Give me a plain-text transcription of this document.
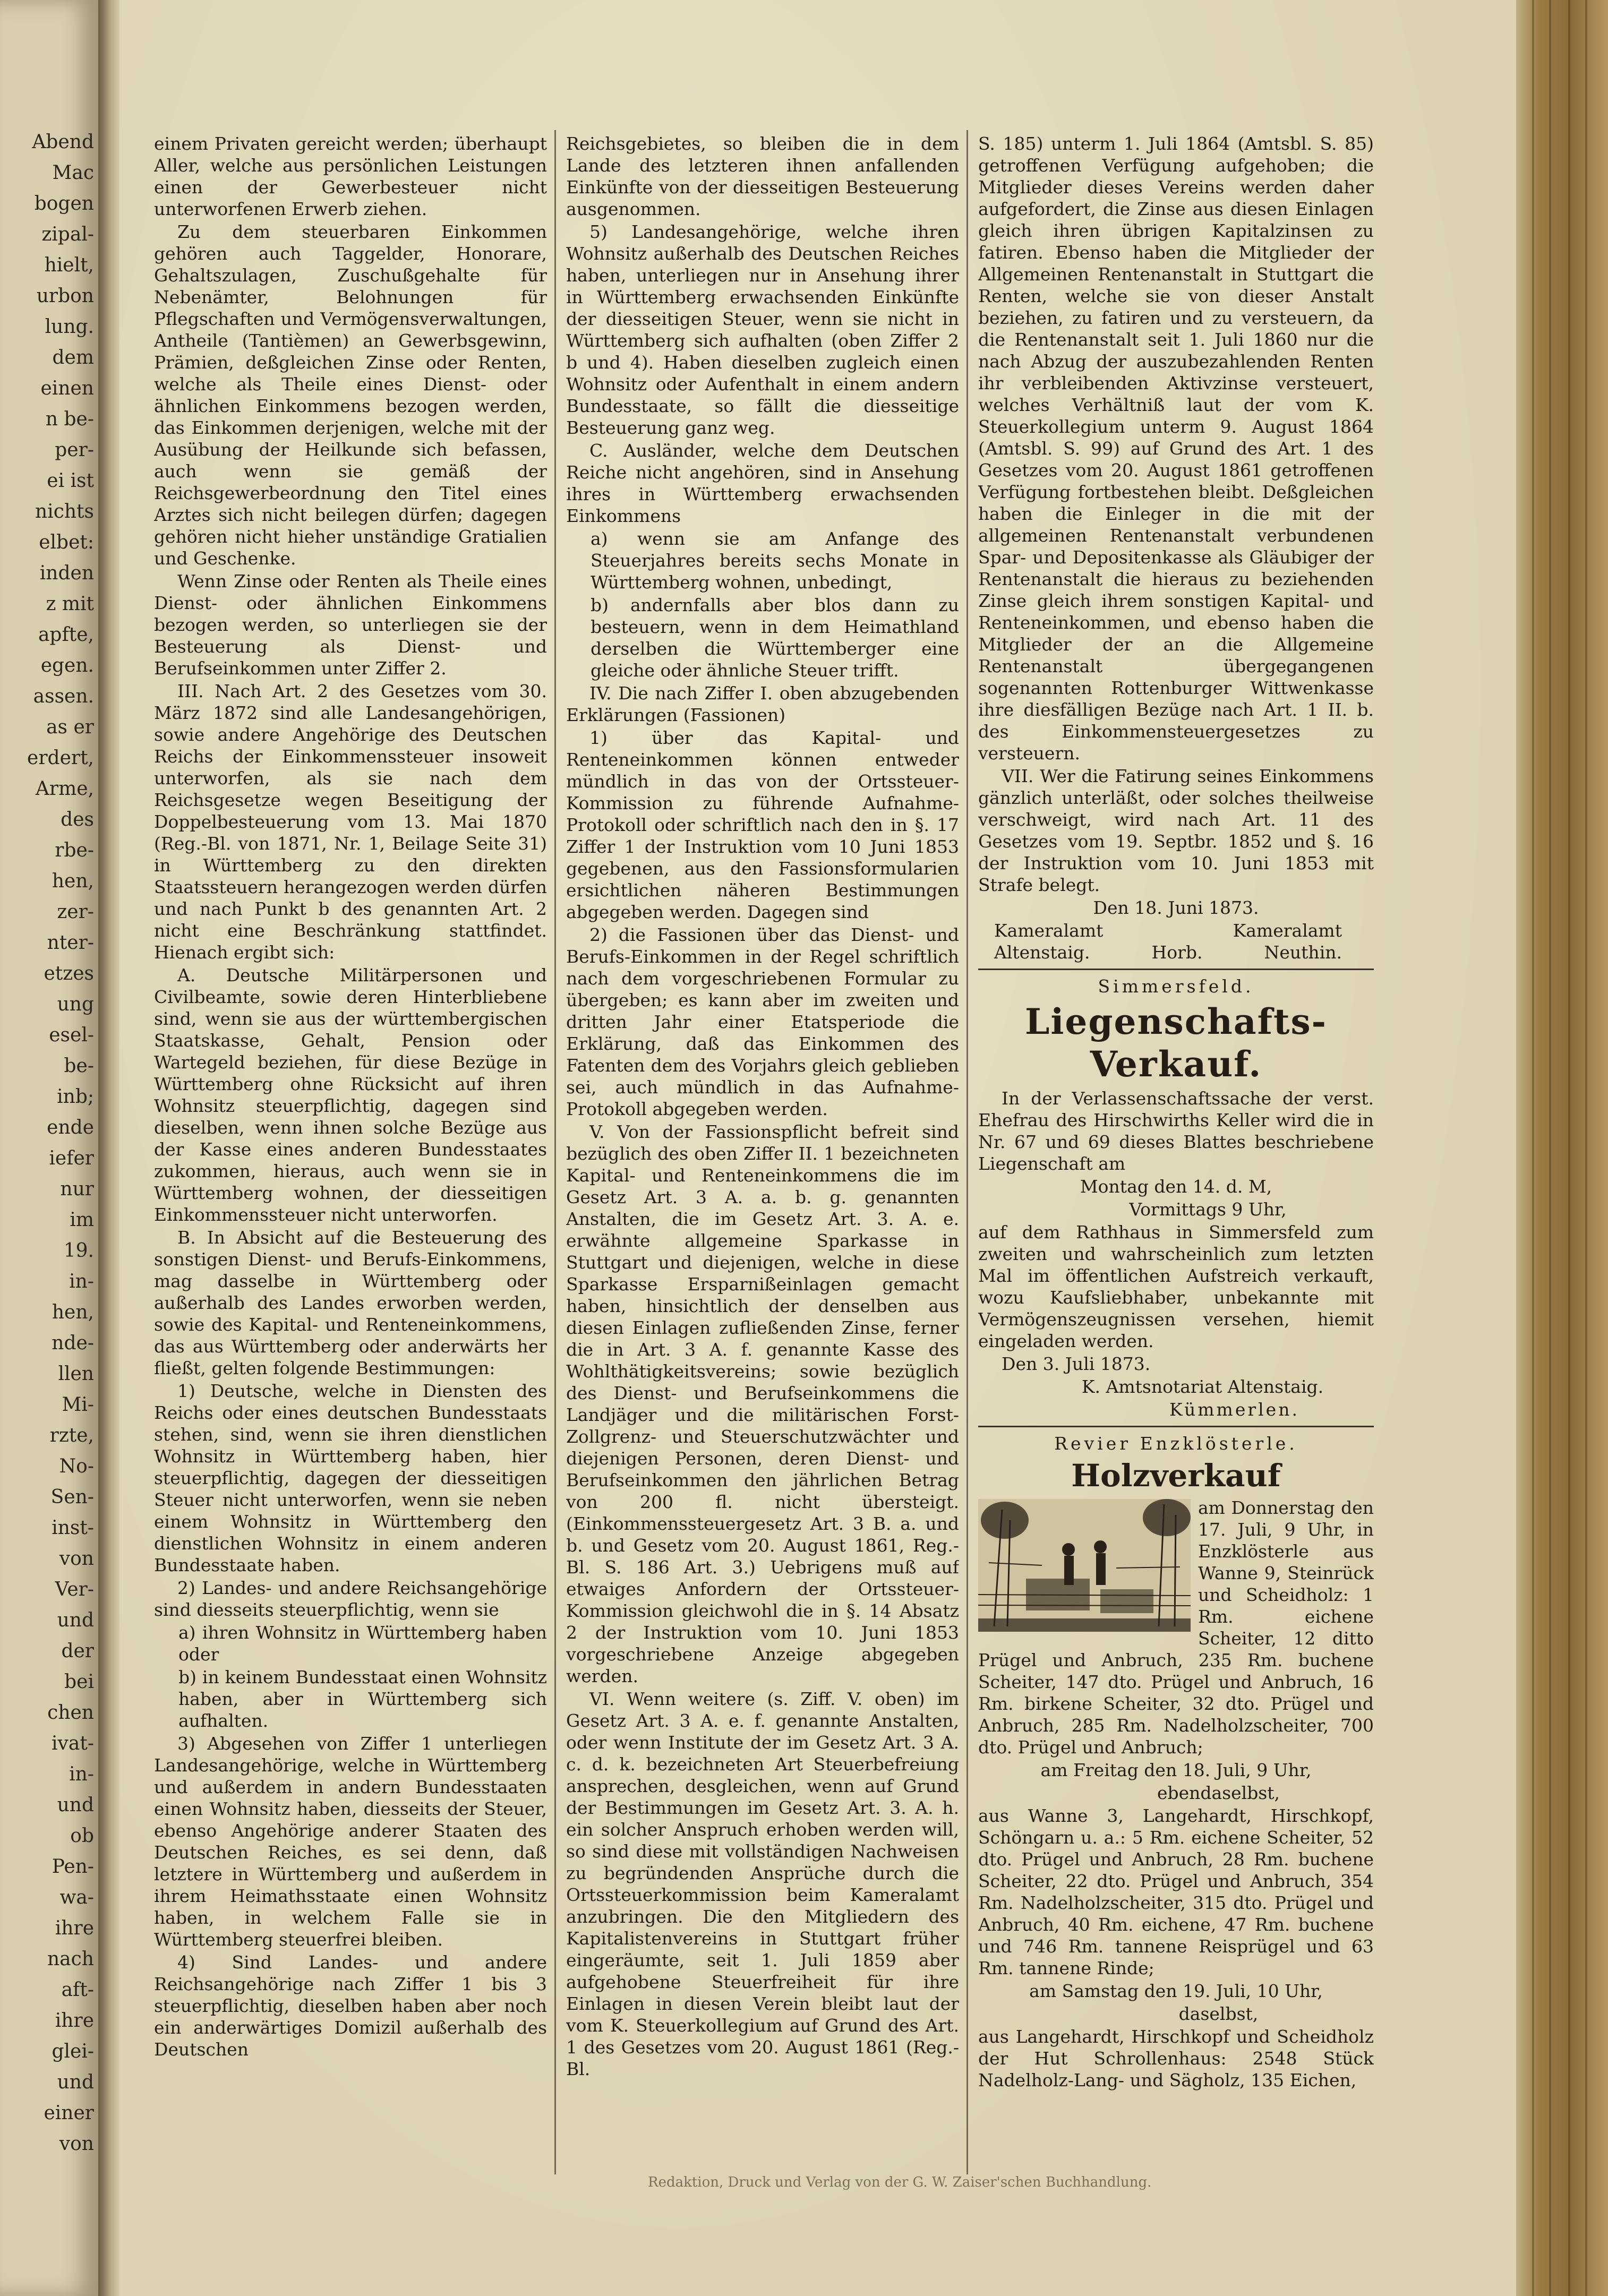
Abend
Mac
bogen
zipal-
hielt,
urbon
lung.
dem
einen
n be-
per-
ei ist
nichts
elbet:
inden
z mit
apfte,
egen.
assen.
as er
erdert,
Arme,
des
rbe-
hen,
zer-
nter-
etzes
ung
esel-
be-
inb;
ende
iefer
nur
im
19.
in-
hen,
nde-
llen
Mi-
rzte,
No-
Sen-
inst-
von
Ver-
und
der
bei
chen
ivat-
in-
und
ob
Pen-
wa-
ihre
nach
aft-
ihre
glei-
und
einer
von

einem Privaten gereicht werden; überhaupt Aller, welche aus persönlichen Leistungen einen der Gewerbesteuer nicht unterworfenen Erwerb ziehen.

Zu dem steuerbaren Einkommen gehören auch Taggelder, Honorare, Gehaltszulagen, Zuschußgehalte für Nebenämter, Belohnungen für Pflegschaften und Vermögensverwaltungen, Antheile (Tantièmen) an Gewerbsgewinn, Prämien, deßgleichen Zinse oder Renten, welche als Theile eines Dienst- oder ähnlichen Einkommens bezogen werden, das Einkommen derjenigen, welche mit der Ausübung der Heilkunde sich befassen, auch wenn sie gemäß der Reichsgewerbeordnung den Titel eines Arztes sich nicht beilegen dürfen; dagegen gehören nicht hieher unständige Gratialien und Geschenke.

Wenn Zinse oder Renten als Theile eines Dienst- oder ähnlichen Einkommens bezogen werden, so unterliegen sie der Besteuerung als Dienst- und Berufseinkommen unter Ziffer 2.

III. Nach Art. 2 des Gesetzes vom 30. März 1872 sind alle Landesangehörigen, sowie andere Angehörige des Deutschen Reichs der Einkommenssteuer insoweit unterworfen, als sie nach dem Reichsgesetze wegen Beseitigung der Doppelbesteuerung vom 13. Mai 1870 (Reg.-Bl. von 1871, Nr. 1, Beilage Seite 31) in Württemberg zu den direkten Staatssteuern herangezogen werden dürfen und nach Punkt b des genannten Art. 2 nicht eine Beschränkung stattfindet. Hienach ergibt sich:

A. Deutsche Militärpersonen und Civilbeamte, sowie deren Hinterbliebene sind, wenn sie aus der württembergischen Staatskasse, Gehalt, Pension oder Wartegeld beziehen, für diese Bezüge in Württemberg ohne Rücksicht auf ihren Wohnsitz steuerpflichtig, dagegen sind dieselben, wenn ihnen solche Bezüge aus der Kasse eines anderen Bundesstaates zukommen, hieraus, auch wenn sie in Württemberg wohnen, der diesseitigen Einkommenssteuer nicht unterworfen.

B. In Absicht auf die Besteuerung des sonstigen Dienst- und Berufs-Einkommens, mag dasselbe in Württemberg oder außerhalb des Landes erworben werden, sowie des Kapital- und Renteneinkommens, das aus Württemberg oder anderwärts her fließt, gelten folgende Bestimmungen:

1) Deutsche, welche in Diensten des Reichs oder eines deutschen Bundesstaats stehen, sind, wenn sie ihren dienstlichen Wohnsitz in Württemberg haben, hier steuerpflichtig, dagegen der diesseitigen Steuer nicht unterworfen, wenn sie neben einem Wohnsitz in Württemberg den dienstlichen Wohnsitz in einem anderen Bundesstaate haben.

2) Landes- und andere Reichsangehörige sind diesseits steuerpflichtig, wenn sie

a) ihren Wohnsitz in Württemberg haben oder

b) in keinem Bundesstaat einen Wohnsitz haben, aber in Württemberg sich aufhalten.

3) Abgesehen von Ziffer 1 unterliegen Landesangehörige, welche in Württemberg und außerdem in andern Bundesstaaten einen Wohnsitz haben, diesseits der Steuer, ebenso Angehörige anderer Staaten des Deutschen Reiches, es sei denn, daß letztere in Württemberg und außerdem in ihrem Heimathsstaate einen Wohnsitz haben, in welchem Falle sie in Württemberg steuerfrei bleiben.

4) Sind Landes- und andere Reichsangehörige nach Ziffer 1 bis 3 steuerpflichtig, dieselben haben aber noch ein anderwärtiges Domizil außerhalb des Deutschen

Reichsgebietes, so bleiben die in dem Lande des letzteren ihnen anfallenden Einkünfte von der diesseitigen Besteuerung ausgenommen.

5) Landesangehörige, welche ihren Wohnsitz außerhalb des Deutschen Reiches haben, unterliegen nur in Ansehung ihrer in Württemberg erwachsenden Einkünfte der diesseitigen Steuer, wenn sie nicht in Württemberg sich aufhalten (oben Ziffer 2 b und 4). Haben dieselben zugleich einen Wohnsitz oder Aufenthalt in einem andern Bundesstaate, so fällt die diesseitige Besteuerung ganz weg.

C. Ausländer, welche dem Deutschen Reiche nicht angehören, sind in Ansehung ihres in Württemberg erwachsenden Einkommens

a) wenn sie am Anfange des Steuerjahres bereits sechs Monate in Württemberg wohnen, unbedingt,

b) andernfalls aber blos dann zu besteuern, wenn in dem Heimathland derselben die Württemberger eine gleiche oder ähnliche Steuer trifft.

IV. Die nach Ziffer I. oben abzugebenden Erklärungen (Fassionen)

1) über das Kapital- und Renteneinkommen können entweder mündlich in das von der Ortssteuer-Kommission zu führende Aufnahme-Protokoll oder schriftlich nach den in §. 17 Ziffer 1 der Instruktion vom 10 Juni 1853 gegebenen, aus den Fassionsformularien ersichtlichen näheren Bestimmungen abgegeben werden. Dagegen sind

2) die Fassionen über das Dienst- und Berufs-Einkommen in der Regel schriftlich nach dem vorgeschriebenen Formular zu übergeben; es kann aber im zweiten und dritten Jahr einer Etatsperiode die Erklärung, daß das Einkommen des Fatenten dem des Vorjahrs gleich geblieben sei, auch mündlich in das Aufnahme-Protokoll abgegeben werden.

V. Von der Fassionspflicht befreit sind bezüglich des oben Ziffer II. 1 bezeichneten Kapital- und Renteneinkommens die im Gesetz Art. 3 A. a. b. g. genannten Anstalten, die im Gesetz Art. 3. A. e. erwähnte allgemeine Sparkasse in Stuttgart und diejenigen, welche in diese Sparkasse Ersparnißeinlagen gemacht haben, hinsichtlich der denselben aus diesen Einlagen zufließenden Zinse, ferner die in Art. 3 A. f. genannte Kasse des Wohlthätigkeitsvereins; sowie bezüglich des Dienst- und Berufseinkommens die Landjäger und die militärischen Forst- Zollgrenz- und Steuerschutzwächter und diejenigen Personen, deren Dienst- und Berufseinkommen den jährlichen Betrag von 200 fl. nicht übersteigt. (Einkommenssteuergesetz Art. 3 B. a. und b. und Gesetz vom 20. August 1861, Reg.-Bl. S. 186 Art. 3.) Uebrigens muß auf etwaiges Anfordern der Ortssteuer-Kommission gleichwohl die in §. 14 Absatz 2 der Instruktion vom 10. Juni 1853 vorgeschriebene Anzeige abgegeben werden.

VI. Wenn weitere (s. Ziff. V. oben) im Gesetz Art. 3 A. e. f. genannte Anstalten, oder wenn Institute der im Gesetz Art. 3 A. c. d. k. bezeichneten Art Steuerbefreiung ansprechen, desgleichen, wenn auf Grund der Bestimmungen im Gesetz Art. 3. A. h. ein solcher Anspruch erhoben werden will, so sind diese mit vollständigen Nachweisen zu begründenden Ansprüche durch die Ortssteuerkommission beim Kameralamt anzubringen. Die den Mitgliedern des Kapitalistenvereins in Stuttgart früher eingeräumte, seit 1. Juli 1859 aber aufgehobene Steuerfreiheit für ihre Einlagen in diesen Verein bleibt laut der vom K. Steuerkollegium auf Grund des Art. 1 des Gesetzes vom 20. August 1861 (Reg.-Bl.

S. 185) unterm 1. Juli 1864 (Amtsbl. S. 85) getroffenen Verfügung aufgehoben; die Mitglieder dieses Vereins werden daher aufgefordert, die Zinse aus diesen Einlagen gleich ihren übrigen Kapitalzinsen zu fatiren. Ebenso haben die Mitglieder der Allgemeinen Rentenanstalt in Stuttgart die Renten, welche sie von dieser Anstalt beziehen, zu fatiren und zu versteuern, da die Rentenanstalt seit 1. Juli 1860 nur die nach Abzug der auszubezahlenden Renten ihr verbleibenden Aktivzinse versteuert, welches Verhältniß laut der vom K. Steuerkollegium unterm 9. August 1864 (Amtsbl. S. 99) auf Grund des Art. 1 des Gesetzes vom 20. August 1861 getroffenen Verfügung fortbestehen bleibt. Deßgleichen haben die Einleger in die mit der allgemeinen Rentenanstalt verbundenen Spar- und Depositenkasse als Gläubiger der Rentenanstalt die hieraus zu beziehenden Zinse gleich ihrem sonstigen Kapital- und Renteneinkommen, und ebenso haben die Mitglieder der an die Allgemeine Rentenanstalt übergegangenen sogenannten Rottenburger Wittwenkasse ihre diesfälligen Bezüge nach Art. 1 II. b. des Einkommensteuergesetzes zu versteuern.

VII. Wer die Fatirung seines Einkommens gänzlich unterläßt, oder solches theilweise verschweigt, wird nach Art. 11 des Gesetzes vom 19. Septbr. 1852 und §. 16 der Instruktion vom 10. Juni 1853 mit Strafe belegt.

Den 18. Juni 1873.

Kameralamt	Kameralamt
Altenstaig.	Horb.	Neuthin.

Simmersfeld.

Liegenschafts-Verkauf.

In der Verlassenschaftssache der verst. Ehefrau des Hirschwirths Keller wird die in Nr. 67 und 69 dieses Blattes beschriebene Liegenschaft am

Montag den 14. d. M,

Vormittags 9 Uhr,

auf dem Rathhaus in Simmersfeld zum zweiten und wahrscheinlich zum letzten Mal im öffentlichen Aufstreich verkauft, wozu Kaufsliebhaber, unbekannte mit Vermögenszeugnissen versehen, hiemit eingeladen werden.

Den 3. Juli 1873.

K. Amtsnotariat Altenstaig.

Kümmerlen.

Revier Enzklösterle.

Holzverkauf

am Donnerstag den 17. Juli, 9 Uhr, in Enzklösterle aus Wanne 9, Steinrück und Scheidholz: 1 Rm. eichene Scheiter, 12 ditto Prügel und Anbruch, 235 Rm. buchene Scheiter, 147 dto. Prügel und Anbruch, 16 Rm. birkene Scheiter, 32 dto. Prügel und Anbruch, 285 Rm. Nadelholzscheiter, 700 dto. Prügel und Anbruch;

am Freitag den 18. Juli, 9 Uhr,

ebendaselbst,

aus Wanne 3, Langehardt, Hirschkopf, Schöngarn u. a.: 5 Rm. eichene Scheiter, 52 dto. Prügel und Anbruch, 28 Rm. buchene Scheiter, 22 dto. Prügel und Anbruch, 354 Rm. Nadelholzscheiter, 315 dto. Prügel und Anbruch, 40 Rm. eichene, 47 Rm. buchene und 746 Rm. tannene Reisprügel und 63 Rm. tannene Rinde;

am Samstag den 19. Juli, 10 Uhr,

daselbst,

aus Langehardt, Hirschkopf und Scheidholz der Hut Schrollenhaus: 2548 Stück Nadelholz-Lang- und Sägholz, 135 Eichen,

Redaktion, Druck und Verlag von der G. W. Zaiser'schen Buchhandlung.
